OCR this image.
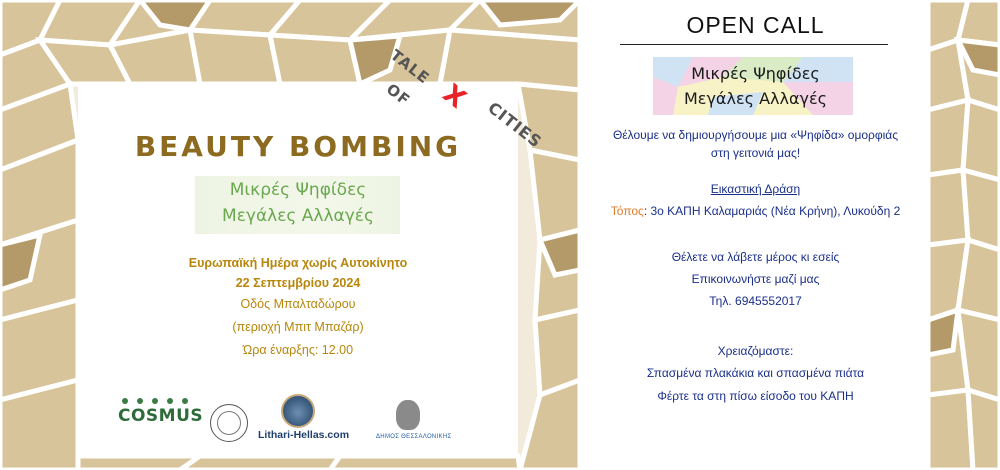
BEAUTY BOMBING
Μικρές Ψηφίδες
Μεγάλες Αλλαγές
Ευρωπαϊκή Ημέρα χωρίς Αυτοκίνητο
22 Σεπτεμβρίου 2024
Οδός Μπαλταδώρου
(περιοχή Μπιτ Μπαζάρ)
Ώρα έναρξης: 12.00
COSMUS
Lithari-Hellas.com	ΔΗΜΟΣ ΘΕΣΣΑΛΟΝΙΚΗΣ
TALE
OF X
CITIES
OPEN CALL
Μικρές Ψηφίδες
Μεγάλες Αλλαγές
Θέλουμε να δημιουργήσουμε μια «Ψηφίδα» ομορφιάς
στη γειτονιά μας!
Εικαστική Δράση
Τόπος: 3ο ΚΑΠΗ Καλαμαριάς (Νέα Κρήνη), Λυκούδη 2
Θέλετε να λάβετε μέρος κι εσείς
Επικοινωνήστε μαζί μας
Τηλ. 6945552017
Χρειαζόμαστε:
Σπασμένα πλακάκια και σπασμένα πιάτα
Φέρτε τα στη πίσω είσοδο του ΚΑΠΗ
